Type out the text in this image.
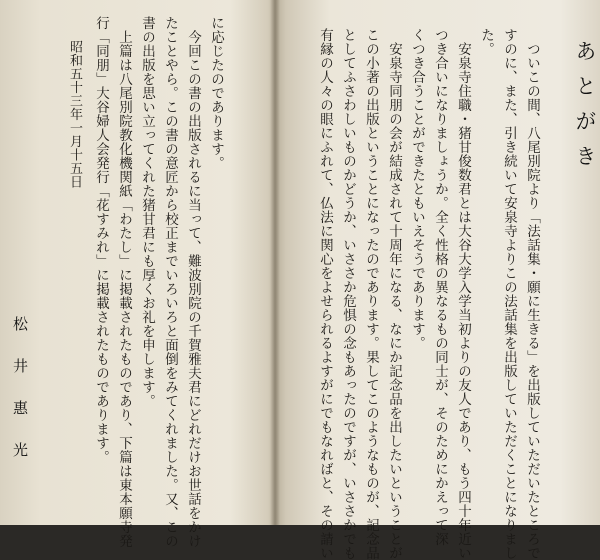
あとがき
ついこの間、八尾別院より「法話集・願に生きる」を出版していただいたところで
すのに、また、引き続いて安泉寺よりこの法話集を出版していただくことになりまし
た。
安泉寺住職・猪甘俊数君とは大谷大学入学当初よりの友人であり、もう四十年近い
つき合いになりましょうか。全く性格の異なるもの同士が、そのためにかえって深
くつき合うことができたともいえそうであります。
安泉寺同朋の会が結成されて十周年になる、なにか記念品を出したいということが
この小著の出版ということになったのであります。果してこのようなものが、記念品
としてふさわしいものかどうか、いささか危惧の念もあったのですが、いささかでも
有縁の人々の眼にふれて、仏法に関心をよせられるよすがにでもなればと、その請い
に応じたのであります。
今回この書の出版されるに当って、難波別院の千賀雅夫君にどれだけお世話をかけ
たことやら。この書の意匠から校正までいろいろと面倒をみてくれました。又、この
書の出版を思い立ってくれた猪甘君にも厚くお礼を申します。
上篇は八尾別院教化機関紙「わたし」に掲載されたものであり、下篇は東本願寺発
行「同朋」大谷婦人会発行「花すみれ」に掲載されたものであります。
昭和五十三年一月十五日
松
井
惠
光
